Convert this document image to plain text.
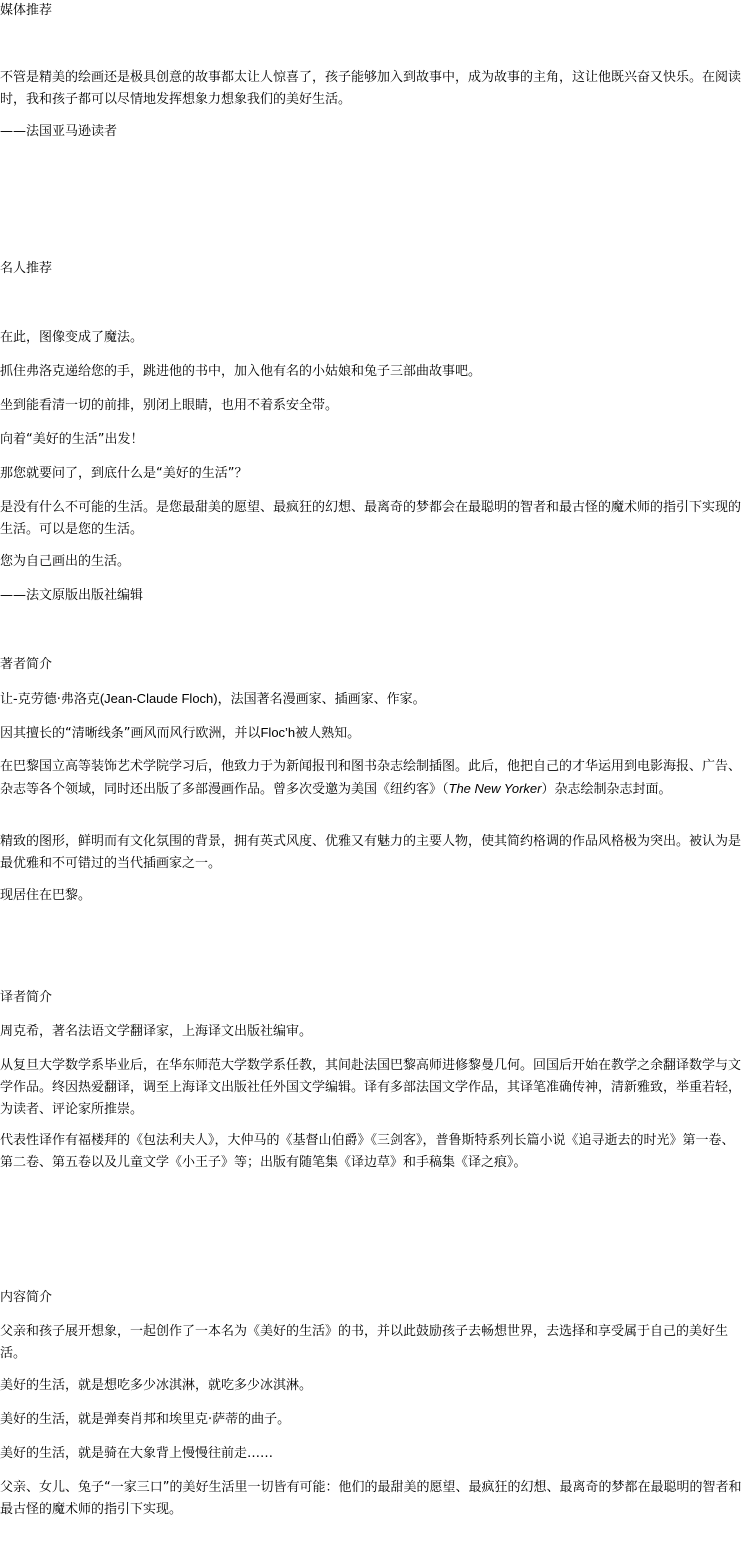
媒体推荐

不管是精美的绘画还是极具创意的故事都太让人惊喜了，孩子能够加入到故事中，成为故事的主角，这让他既兴奋又快乐。在阅读时，我和孩子都可以尽情地发挥想象力想象我们的美好生活。

——法国亚马逊读者

名人推荐

在此，图像变成了魔法。

抓住弗洛克递给您的手，跳进他的书中，加入他有名的小姑娘和兔子三部曲故事吧。

坐到能看清一切的前排，别闭上眼睛，也用不着系安全带。

向着“美好的生活”出发！

那您就要问了，到底什么是“美好的生活”？

是没有什么不可能的生活。是您最甜美的愿望、最疯狂的幻想、最离奇的梦都会在最聪明的智者和最古怪的魔术师的指引下实现的生活。可以是您的生活。

您为自己画出的生活。

——法文原版出版社编辑

著者简介

让-克劳德·弗洛克(Jean-Claude Floch)，法国著名漫画家、插画家、作家。

因其擅长的“清晰线条”画风而风行欧洲，并以Floc’h被人熟知。

在巴黎国立高等装饰艺术学院学习后，他致力于为新闻报刊和图书杂志绘制插图。此后，他把自己的才华运用到电影海报、广告、杂志等各个领域，同时还出版了多部漫画作品。曾多次受邀为美国《纽约客》（The New Yorker）杂志绘制杂志封面。

精致的图形，鲜明而有文化氛围的背景，拥有英式风度、优雅又有魅力的主要人物，使其简约格调的作品风格极为突出。被认为是最优雅和不可错过的当代插画家之一。

现居住在巴黎。

译者简介

周克希，著名法语文学翻译家，上海译文出版社编审。

从复旦大学数学系毕业后，在华东师范大学数学系任教，其间赴法国巴黎高师进修黎曼几何。回国后开始在教学之余翻译数学与文学作品。终因热爱翻译，调至上海译文出版社任外国文学编辑。译有多部法国文学作品，其译笔准确传神，清新雅致，举重若轻，为读者、评论家所推崇。

代表性译作有福楼拜的《包法利夫人》，大仲马的《基督山伯爵》《三剑客》，普鲁斯特系列长篇小说《追寻逝去的时光》第一卷、第二卷、第五卷以及儿童文学《小王子》等；出版有随笔集《译边草》和手稿集《译之痕》。

内容简介

父亲和孩子展开想象，一起创作了一本名为《美好的生活》的书，并以此鼓励孩子去畅想世界，去选择和享受属于自己的美好生活。

美好的生活，就是想吃多少冰淇淋，就吃多少冰淇淋。

美好的生活，就是弹奏肖邦和埃里克·萨蒂的曲子。

美好的生活，就是骑在大象背上慢慢往前走……

父亲、女儿、兔子“一家三口”的美好生活里一切皆有可能：他们的最甜美的愿望、最疯狂的幻想、最离奇的梦都在最聪明的智者和最古怪的魔术师的指引下实现。
